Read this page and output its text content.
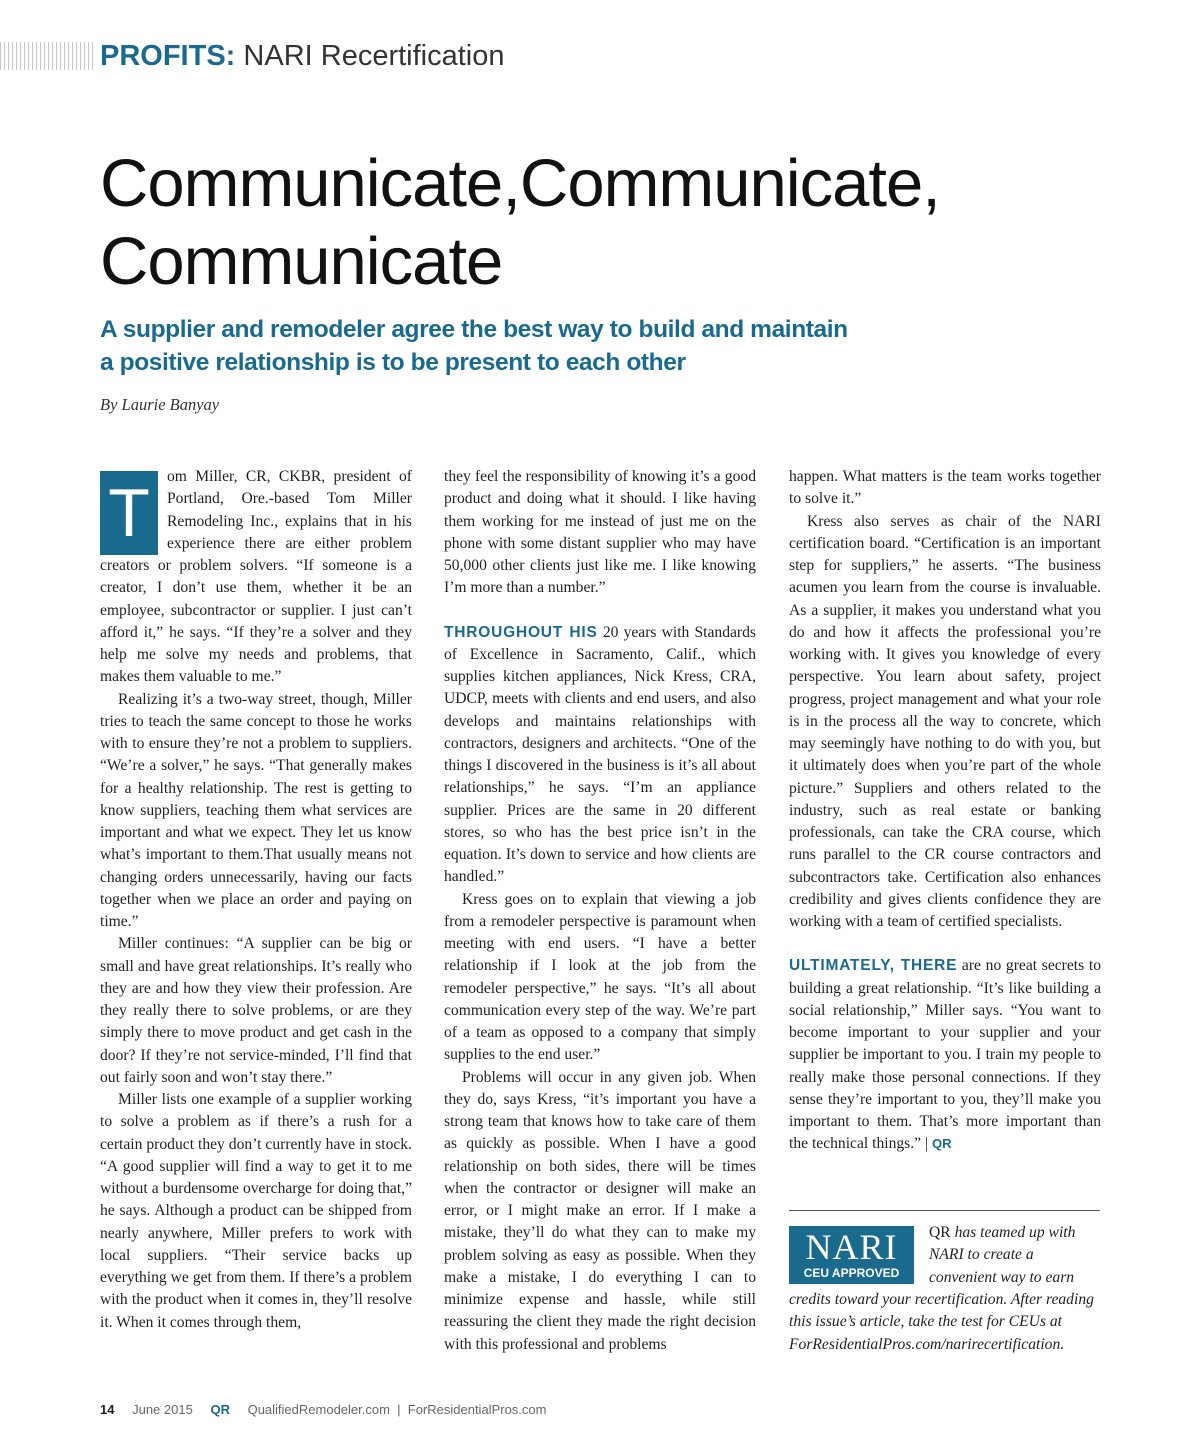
PROFITS: NARI Recertification
Communicate,Communicate,
Communicate
A supplier and remodeler agree the best way to build and maintain
a positive relationship is to be present to each other
By Laurie Banyay

T	om Miller, CR, CKBR, president of Portland, Ore.-based Tom Miller Remodeling Inc., explains that in his experience there are either problem creators or problem solvers. “If someone is a creator, I don’t use them, whether it be an employee, subcontractor or supplier. I just can’t afford it,” he says. “If they’re a solver and they help me solve my needs and problems, that makes them valuable to me.”

Realizing it’s a two-way street, though, Miller tries to teach the same concept to those he works with to ensure they’re not a problem to suppliers. “We’re a solver,” he says. “That generally makes for a healthy relationship. The rest is getting to know suppliers, teaching them what services are important and what we expect. They let us know what’s important to them.That usually means not changing orders unnecessarily, having our facts together when we place an order and paying on time.”

Miller continues: “A supplier can be big or small and have great relationships. It’s really who they are and how they view their profession. Are they really there to solve problems, or are they simply there to move product and get cash in the door? If they’re not service-minded, I’ll find that out fairly soon and won’t stay there.”

Miller lists one example of a supplier working to solve a problem as if there’s a rush for a certain product they don’t currently have in stock. “A good supplier will find a way to get it to me without a burdensome overcharge for doing that,” he says. Although a product can be shipped from nearly anywhere, Miller prefers to work with local suppliers. “Their service backs up everything we get from them. If there’s a problem with the product when it comes in, they’ll resolve it. When it comes through them,

they feel the responsibility of knowing it’s a good product and doing what it should. I like having them working for me instead of just me on the phone with some distant supplier who may have 50,000 other clients just like me. I like knowing I’m more than a number.”

THROUGHOUT HIS 20 years with Standards of Excellence in Sacramento, Calif., which supplies kitchen appliances, Nick Kress, CRA, UDCP, meets with clients and end users, and also develops and maintains relationships with contractors, designers and architects. “One of the things I discovered in the business is it’s all about relationships,” he says. “I’m an appliance supplier. Prices are the same in 20 different stores, so who has the best price isn’t in the equation. It’s down to service and how clients are handled.”

Kress goes on to explain that viewing a job from a remodeler perspective is paramount when meeting with end users. “I have a better relationship if I look at the job from the remodeler perspective,” he says. “It’s all about communication every step of the way. We’re part of a team as opposed to a company that simply supplies to the end user.”

Problems will occur in any given job. When they do, says Kress, “it’s important you have a strong team that knows how to take care of them as quickly as possible. When I have a good relationship on both sides, there will be times when the contractor or designer will make an error, or I might make an error. If I make a mistake, they’ll do what they can to make my problem solving as easy as possible. When they make a mistake, I do everything I can to minimize expense and hassle, while still reassuring the client they made the right decision with this professional and problems

happen. What matters is the team works together to solve it.”

Kress also serves as chair of the NARI certification board. “Certification is an important step for suppliers,” he asserts. “The business acumen you learn from the course is invaluable. As a supplier, it makes you understand what you do and how it affects the professional you’re working with. It gives you knowledge of every perspective. You learn about safety, project progress, project management and what your role is in the process all the way to concrete, which may seemingly have nothing to do with you, but it ultimately does when you’re part of the whole picture.” Suppliers and others related to the industry, such as real estate or banking professionals, can take the CRA course, which runs parallel to the CR course contractors and subcontractors take. Certification also enhances credibility and gives clients confidence they are working with a team of certified specialists.

ULTIMATELY, THERE are no great secrets to building a great relationship. “It’s like building a social relationship,” Miller says. “You want to become important to your supplier and your supplier be important to you. I train my people to really make those personal connections. If they sense they’re important to you, they’ll make you important to them. That’s more important than the technical things.” | QR

NARI
CEU APPROVED
QR has teamed up with NARI to create a convenient way to earn
credits toward your recertification. After reading this issue’s article, take the test for CEUs at ForResidentialPros.com/narirecertification.
14 June 2015 QR QualifiedRemodeler.com  |  ForResidentialPros.com
